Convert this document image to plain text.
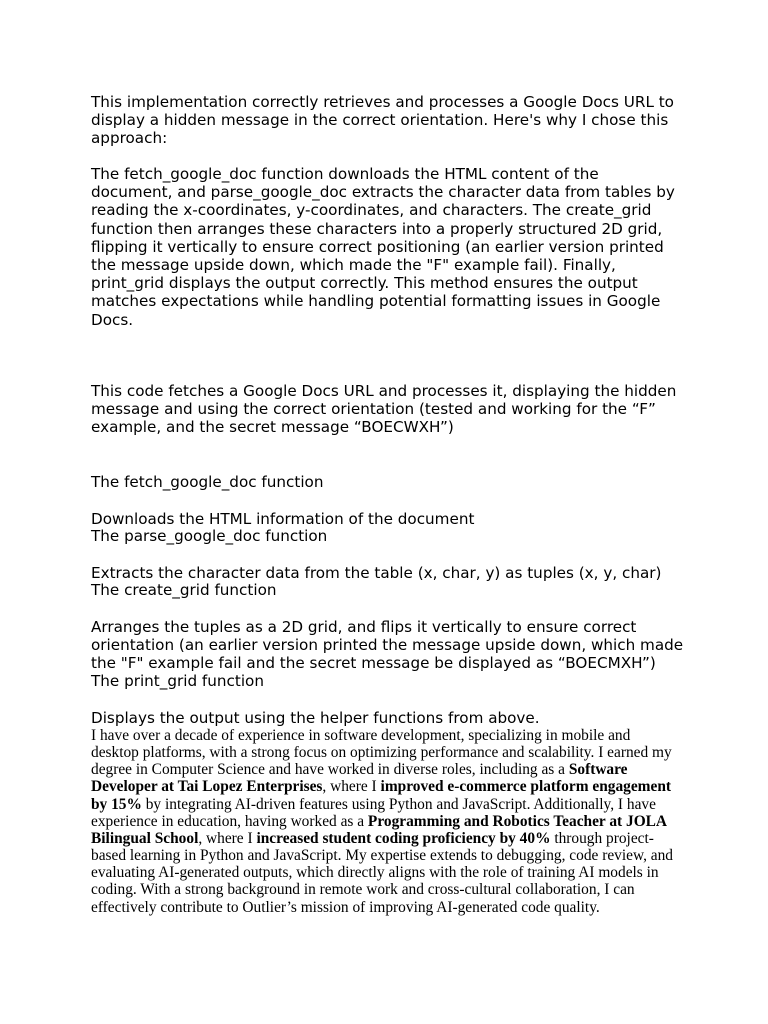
This implementation correctly retrieves and processes a Google Docs URL to
display a hidden message in the correct orientation. Here's why I chose this
approach:

The fetch_google_doc function downloads the HTML content of the
document, and parse_google_doc extracts the character data from tables by
reading the x-coordinates, y-coordinates, and characters. The create_grid
function then arranges these characters into a properly structured 2D grid,
flipping it vertically to ensure correct positioning (an earlier version printed
the message upside down, which made the "F" example fail). Finally,
print_grid displays the output correctly. This method ensures the output
matches expectations while handling potential formatting issues in Google
Docs.

This code fetches a Google Docs URL and processes it, displaying the hidden
message and using the correct orientation (tested and working for the “F”
example, and the secret message “BOECWXH”)

The fetch_google_doc function

Downloads the HTML information of the document

The parse_google_doc function

Extracts the character data from the table (x, char, y) as tuples (x, y, char)

The create_grid function

Arranges the tuples as a 2D grid, and flips it vertically to ensure correct
orientation (an earlier version printed the message upside down, which made
the "F" example fail and the secret message be displayed as “BOECMXH”)

The print_grid function

Displays the output using the helper functions from above.

I have over a decade of experience in software development, specializing in mobile and desktop platforms, with a strong focus on optimizing performance and scalability. I earned my degree in Computer Science and have worked in diverse roles, including as a Software Developer at Tai Lopez Enterprises, where I improved e-commerce platform engagement by 15% by integrating AI-driven features using Python and JavaScript. Additionally, I have experience in education, having worked as a Programming and Robotics Teacher at JOLA Bilingual School, where I increased student coding proficiency by 40% through project-based learning in Python and JavaScript. My expertise extends to debugging, code review, and evaluating AI-generated outputs, which directly aligns with the role of training AI models in coding. With a strong background in remote work and cross-cultural collaboration, I can effectively contribute to Outlier’s mission of improving AI-generated code quality.
